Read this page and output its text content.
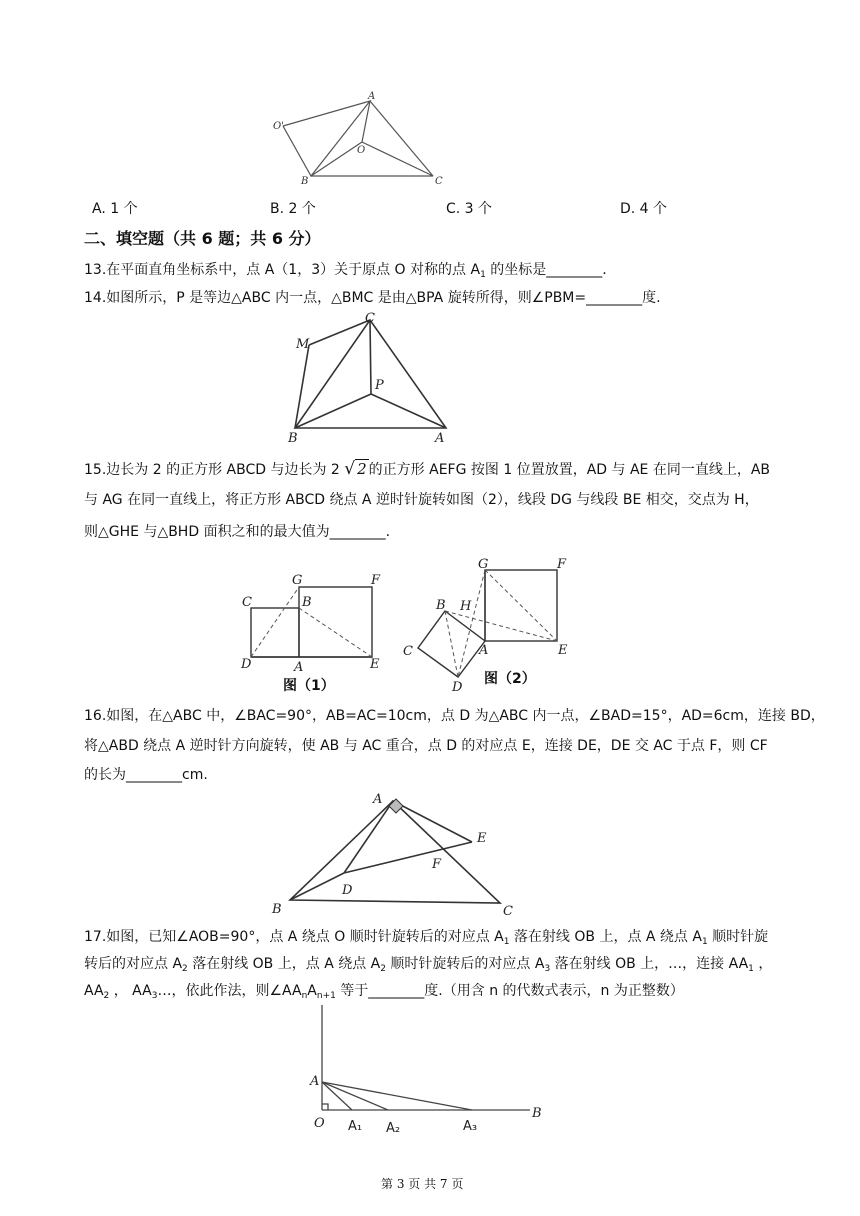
A
O'
O
B	C
A. 1 个	B. 2 个	C. 3 个	D. 4 个
二、填空题（共 6 题；共 6 分）
13.在平面直角坐标系中，点 A（1，3）关于原点 O 对称的点 $A_1$ 的坐标是________.
14.如图所示，P 是等边△ABC 内一点，△BMC 是由△BPA 旋转所得，则∠PBM=________度.
C
M
P
B	A
15.边长为 2 的正方形 ABCD 与边长为 2 √ 2 的正方形 AEFG 按图 1 位置放置，AD 与 AE 在同一直线上，AB
与 AG 在同一直线上，将正方形 ABCD 绕点 A 逆时针旋转如图（2），线段 DG 与线段 BE 相交，交点为 H，
则△GHE 与△BHD 面积之和的最大值为________.
G	F
C	B
D	A	E
G	F
B H
C	A	E
D
图（1）	图（2）
16.如图，在△ABC 中，∠BAC=90°，AB=AC=10cm，点 D 为△ABC 内一点，∠BAD=15°，AD=6cm，连接 BD，
将△ABD 绕点 A 逆时针方向旋转，使 AB 与 AC 重合，点 D 的对应点 E，连接 DE，DE 交 AC 于点 F，则 CF
的长为________cm.
A
E
F
D
B	C
17.如图，已知∠AOB=90°，点 A 绕点 O 顺时针旋转后的对应点 $A_1$ 落在射线 OB 上，点 A 绕点 $A_1$ 顺时针旋
转后的对应点 $A_2$ 落在射线 OB 上，点 A 绕点 $A_2$ 顺时针旋转后的对应点 $A_3$ 落在射线 OB 上，…，连接 $AA_1$ ，
$AA_2$ ， $AA_3\dots$，依此作法，则$\angle AA_nA_{n+1}$ 等于________度.（用含 n 的代数式表示，n 为正整数）
A
O
B
A₁ A₂	A₃
第 3 页 共 7 页
